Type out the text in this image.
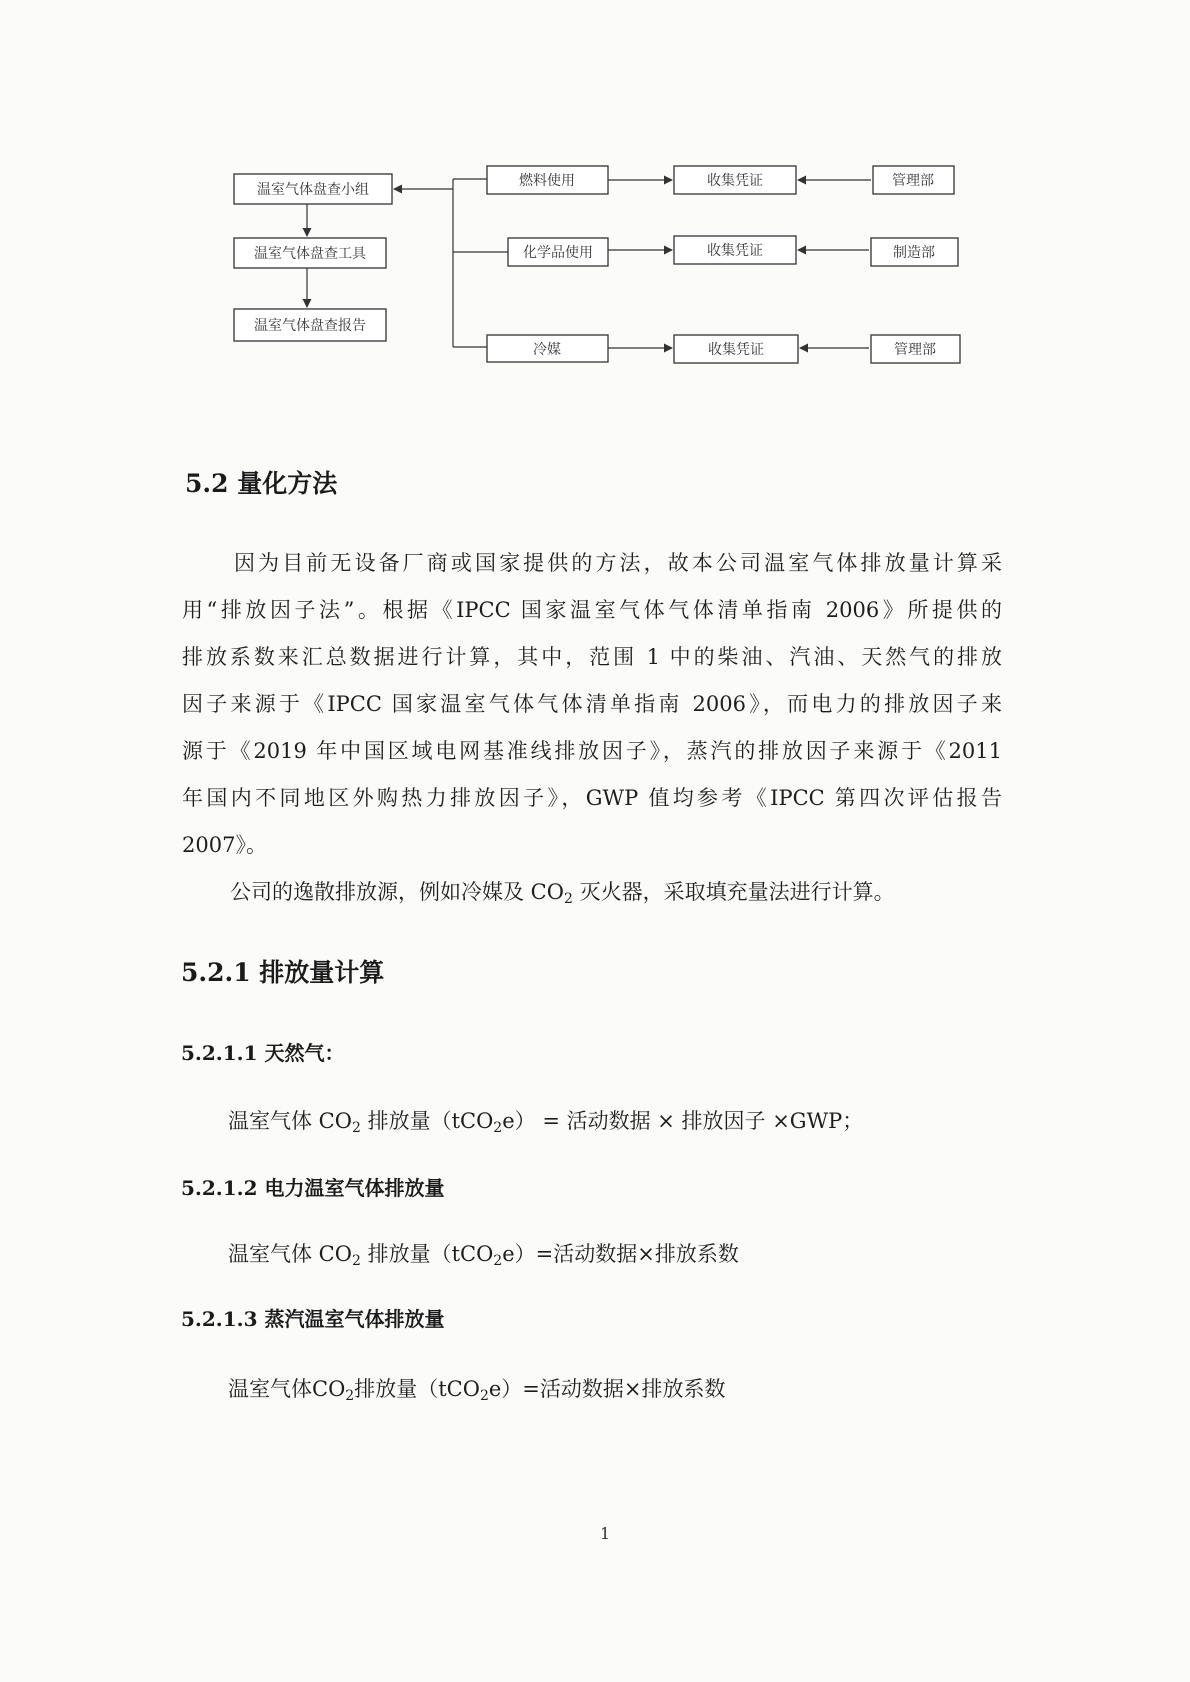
温室气体盘查小组
温室气体盘查工具
温室气体盘查报告
燃料使用	收集凭证	管理部
化学品使用	收集凭证	制造部
冷媒	收集凭证	管理部
5.2 量化方法
因为目前无设备厂商或国家提供的方法，故本公司温室气体排放量计算采
用“排放因子法”。根据《IPCC 国家温室气体气体清单指南 2006》所提供的
排放系数来汇总数据进行计算，其中，范围 1 中的柴油、汽油、天然气的排放
因子来源于《IPCC 国家温室气体气体清单指南 2006》，而电力的排放因子来
源于《2019 年中国区域电网基准线排放因子》，蒸汽的排放因子来源于《2011
年国内不同地区外购热力排放因子》，GWP 值均参考《IPCC 第四次评估报告
2007》。
公司的逸散排放源，例如冷媒及 $CO_2$ 灭火器，采取填充量法进行计算。
5.2.1 排放量计算
5.2.1.1 天然气：
温室气体 $CO_2$ 排放量（tCO$_2$e） = 活动数据 × 排放因子 ×GWP；
5.2.1.2 电力温室气体排放量
温室气体 $CO_2$ 排放量（tCO$_2$e）=活动数据×排放系数
5.2.1.3 蒸汽温室气体排放量
温室气体$CO_2$排放量（tCO$_2$e）=活动数据×排放系数
1
